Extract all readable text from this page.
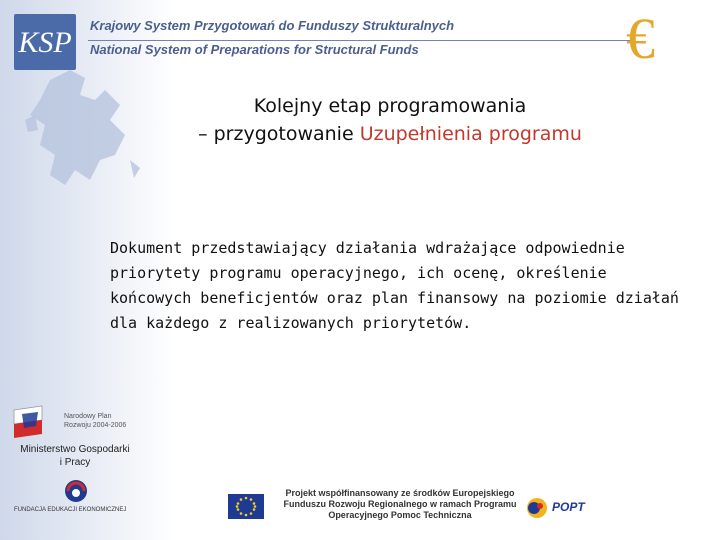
KSP
Krajowy System Przygotowań do Funduszy Strukturalnych
National System of Preparations for Structural Funds	€
Kolejny etap programowania
– przygotowanie Uzupełnienia programu
Dokument przedstawiający działania wdrażające odpowiednie priorytety programu operacyjnego, ich ocenę, określenie końcowych beneficjentów oraz plan finansowy na poziomie działań dla każdego z realizowanych priorytetów.
Narodowy Plan Rozwoju 2004-2006
Ministerstwo Gospodarki i Pracy
FUNDACJA EDUKACJI EKONOMICZNEJ
Projekt współfinansowany ze środków Europejskiego Funduszu Rozwoju Regionalnego w ramach Programu Operacyjnego Pomoc Techniczna
POPT
